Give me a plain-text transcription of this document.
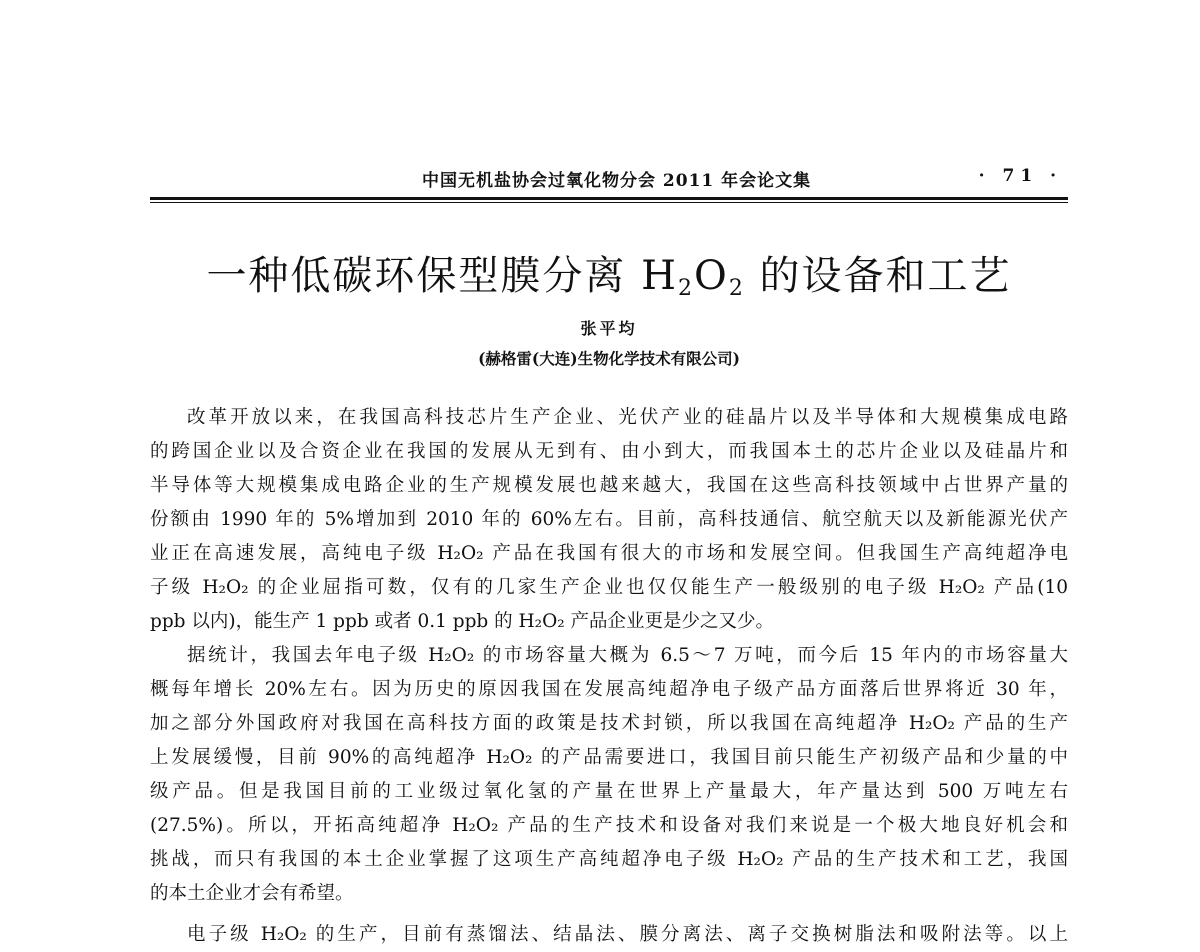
中国无机盐协会过氧化物分会 2011 年会论文集	· 71 ·
一种低碳环保型膜分离 $H_2O_2$ 的设备和工艺
张平均
(赫格雷(大连)生物化学技术有限公司)
改革开放以来，在我国高科技芯片生产企业、光伏产业的硅晶片以及半导体和大规模集成电路
的跨国企业以及合资企业在我国的发展从无到有、由小到大，而我国本土的芯片企业以及硅晶片和
半导体等大规模集成电路企业的生产规模发展也越来越大，我国在这些高科技领域中占世界产量的
份额由 1990 年的 5%增加到 2010 年的 60%左右。目前，高科技通信、航空航天以及新能源光伏产
业正在高速发展，高纯电子级 H₂O₂ 产品在我国有很大的市场和发展空间。但我国生产高纯超净电
子级 H₂O₂ 的企业屈指可数，仅有的几家生产企业也仅仅能生产一般级别的电子级 H₂O₂ 产品(10
ppb 以内)，能生产 1 ppb 或者 0.1 ppb 的 H₂O₂ 产品企业更是少之又少。
据统计，我国去年电子级 H₂O₂ 的市场容量大概为 6.5～7 万吨，而今后 15 年内的市场容量大
概每年增长 20%左右。因为历史的原因我国在发展高纯超净电子级产品方面落后世界将近 30 年，
加之部分外国政府对我国在高科技方面的政策是技术封锁，所以我国在高纯超净 H₂O₂ 产品的生产
上发展缓慢，目前 90%的高纯超净 H₂O₂ 的产品需要进口，我国目前只能生产初级产品和少量的中
级产品。但是我国目前的工业级过氧化氢的产量在世界上产量最大，年产量达到 500 万吨左右
(27.5%)。所以，开拓高纯超净 H₂O₂ 产品的生产技术和设备对我们来说是一个极大地良好机会和
挑战，而只有我国的本土企业掌握了这项生产高纯超净电子级 H₂O₂ 产品的生产技术和工艺，我国
的本土企业才会有希望。
电子级 H₂O₂ 的生产，目前有蒸馏法、结晶法、膜分离法、离子交换树脂法和吸附法等。以上
